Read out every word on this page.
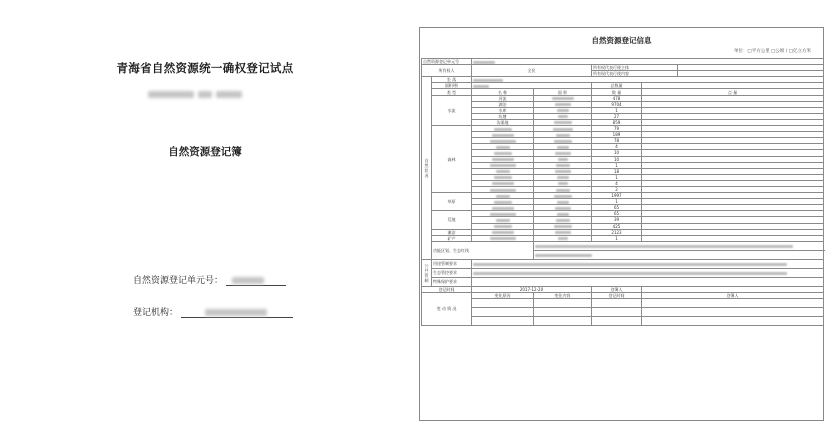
青海省自然资源统一确权登记试点
自然资源登记簿
自然资源登记单元号：
登记机构：
自然资源登记信息
单位：□平方公里 □公顷 / □亿立方米
自然资源登记单元号						
所有权人		全民		所有权代表行使主体		
				所有权代表行使内容		
自 然 状 况	坐 落					
	面积/积			总数量		
	类 型	名 称	面 积	数 量	点 量	
	水流	河流		478		
		湖泊		9704		
		水库		1		
		坑塘		27		
		沟渠地		859		
	森林			79		
				189		
				78		
				4		
				10		
				10		
				1		
				18		
				1		
				4		
				2		
	草原			1997		
				1		
				65		
	荒地			65		
				39		
				425		
	滩涂			2123		
	矿产			1		
	功能区划、生态红线					

公 共 管 制	用途管制要求					
	生态管控要求					
	特殊保护要求					
登记时间		2017-12-20		登簿人		
变 动 情 况		变化原因	变化内容	登记时间	登簿人	
